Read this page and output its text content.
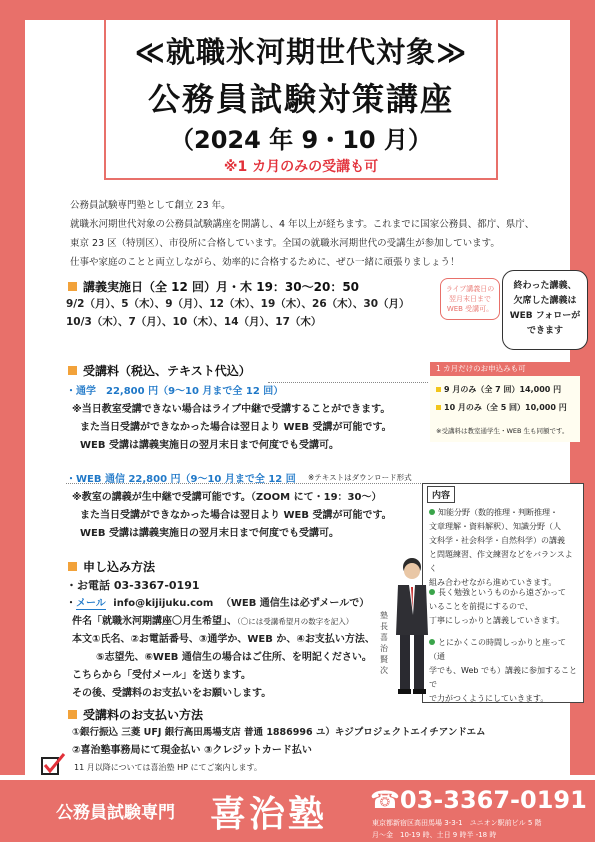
≪就職氷河期世代対象≫
公務員試験対策講座
（2024 年 9・10 月）
※1 カ月のみの受講も可
公務員試験専門塾として創立 23 年。
就職氷河期世代対象の公務員試験講座を開講し、4 年以上が経ちます。これまでに国家公務員、都庁、県庁、
東京 23 区（特別区）、市役所に合格しています。全国の就職氷河期世代の受講生が参加しています。
仕事や家庭のことと両立しながら、効率的に合格するために、ぜひ一緒に頑張りましょう！
講義実施日（全 12 回）月・木 19：30～20：50
9/2（月）、5（木）、9（月）、12（木）、19（木）、26（木）、30（月）
10/3（木）、7（月）、10（木）、14（月）、17（木）
ライブ講義日の
翌月末日まで
WEB 受講可。
終わった講義、
欠席した講義は
WEB フォローが
できます
受講料（税込、テキスト代込）
・通学　22,800 円（9～10 月まで全 12 回）
※当日教室受講できない場合はライブ中継で受講することができます。
また当日受講ができなかった場合は翌日より WEB 受講が可能です。
WEB 受講は講義実施日の翌月末日まで何度でも受講可。
・WEB 通信 22,800 円（9～10 月まで全 12 回 ※テキストはダウンロード形式
※教室の講義が生中継で受講可能です。（ZOOM にて・19：30～）
また当日受講ができなかった場合は翌日より WEB 受講が可能です。
WEB 受講は講義実施日の翌月末日まで何度でも受講可。
1 カ月だけのお申込みも可
9 月のみ（全 7 回）14,000 円
10 月のみ（全 5 回）10,000 円
※受講料は教室通学生・WEB 生も同額です。
内容
知能分野（数的推理・判断推理・
文章理解・資料解釈）、知識分野（人
文科学・社会科学・自然科学）の講義
と問題練習、作文練習などをバランスよく
組み合わせながら進めていきます。
長く勉強というものから遠ざかって
いることを前提にするので、
丁寧にしっかりと講義していきます。
とにかくこの時間しっかりと座って（通
学でも、Web でも）講義に参加することで
で力がつくようにしていきます。
塾長　喜治賢次
申し込み方法
・お電話 03-3367-0191
・メール info@kijijuku.com （WEB 通信生は必ずメールで）
件名「就職氷河期講座〇月生希望」、（〇には受講希望月の数字を記入）
本文①氏名、②お電話番号、③通学か、WEB か、④お支払い方法、
⑤志望先、⑥WEB 通信生の場合はご住所、を明記ください。
こちらから「受付メール」を送ります。
その後、受講料のお支払いをお願いします。
受講料のお支払い方法
①銀行振込 三菱 UFJ 銀行高田馬場支店 普通 1886996 ユ）キジプロジェクトエイチアンドエム
②喜治塾事務局にて現金払い ③クレジットカード払い
11 月以降については喜治塾 HP にてご案内します。
公務員試験専門 喜治塾 ☎03-3367-0191
東京都新宿区高田馬場 3-3-1　ユニオン駅前ビル 5 階
月～金　10-19 時、土日 9 時半 -18 時
